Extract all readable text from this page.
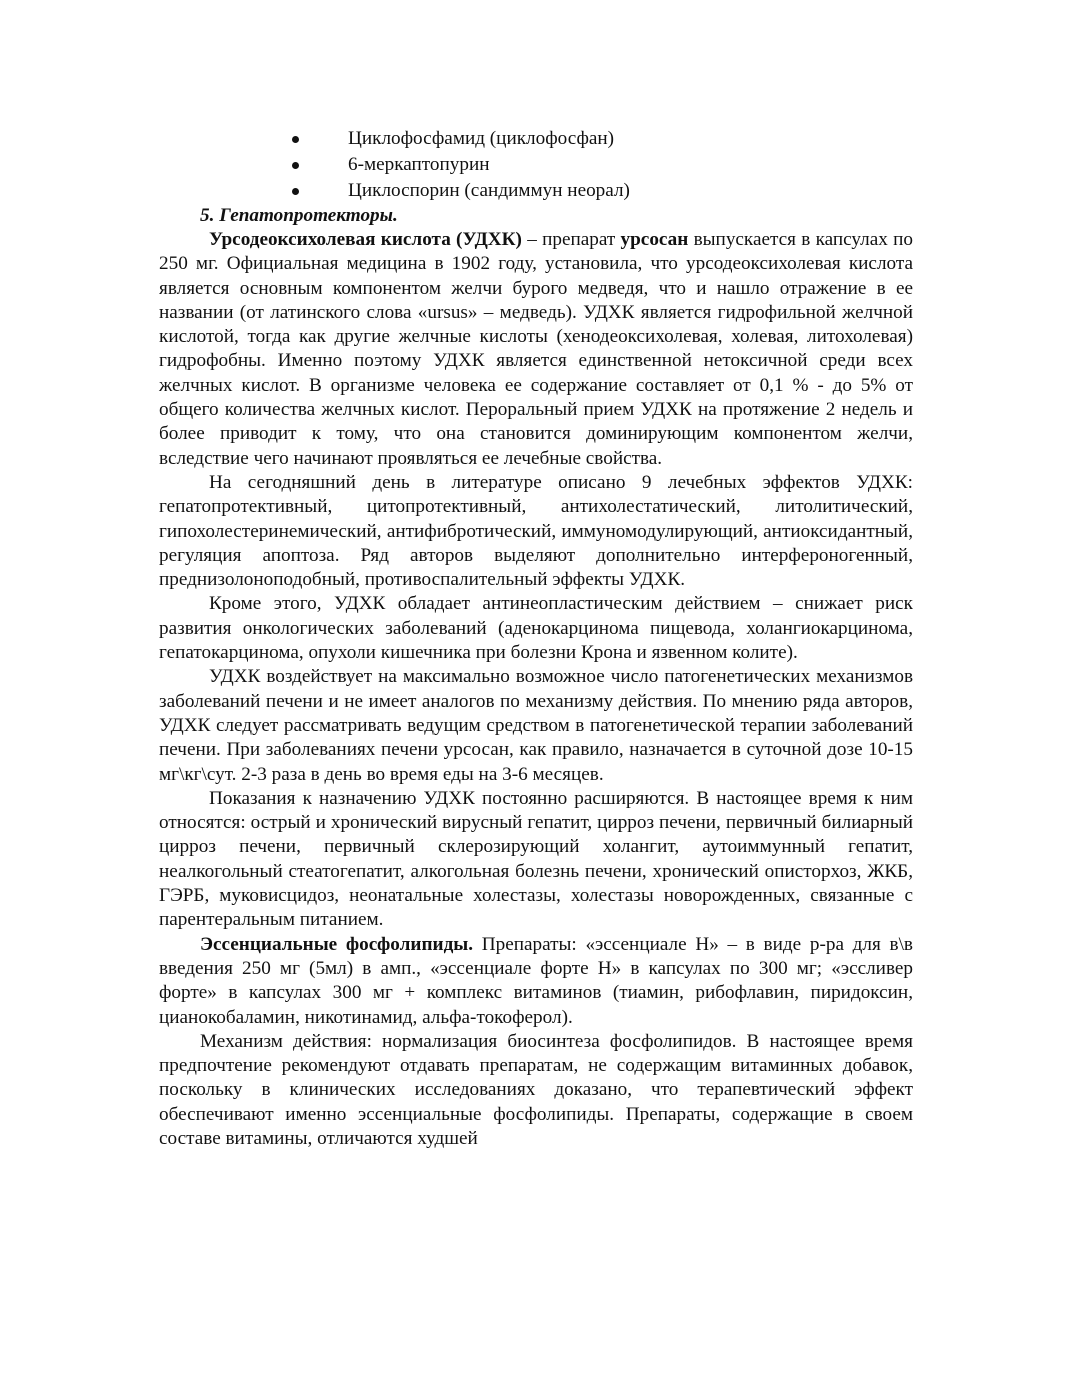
Циклофосфамид (циклофосфан)
6-меркаптопурин
Циклоспорин (сандиммун неорал)
5. Гепатопротекторы.

Урсодеоксихолевая кислота (УДХК) – препарат урсосан выпускается в капсулах по 250 мг. Официальная медицина в 1902 году, установила, что урсодеоксихолевая кислота является основным компонентом желчи бурого медведя, что и нашло отражение в ее названии (от латинского слова «ursus» – медведь). УДХК является гидрофильной желчной кислотой, тогда как другие желчные кислоты (хенодеоксихолевая, холевая, литохолевая) гидрофобны. Именно поэтому УДХК является единственной нетоксичной среди всех желчных кислот. В организме человека ее содержание составляет от 0,1 % - до 5% от общего количества желчных кислот. Пероральный прием УДХК на протяжение 2 недель и более приводит к тому, что она становится доминирующим компонентом желчи, вследствие чего начинают проявляться ее лечебные свойства.

На сегодняшний день в литературе описано 9 лечебных эффектов УДХК: гепатопротективный, цитопротективный, антихолестатический, литолитический, гипохолестеринемический, антифибротический, иммуномодулирующий, антиоксидантный, регуляция апоптоза. Ряд авторов выделяют дополнительно интерфероногенный, преднизолоноподобный, противоспалительный эффекты УДХК.

Кроме этого, УДХК обладает антинеопластическим действием – снижает риск развития онкологических заболеваний (аденокарцинома пищевода, холангиокарцинома, гепатокарцинома, опухоли кишечника при болезни Крона и язвенном колите).

УДХК воздействует на максимально возможное число патогенетических механизмов заболеваний печени и не имеет аналогов по механизму действия. По мнению ряда авторов, УДХК следует рассматривать ведущим средством в патогенетической терапии заболеваний печени. При заболеваниях печени урсосан, как правило, назначается в суточной дозе 10-15 мг\кг\сут. 2-3 раза в день во время еды на 3-6 месяцев.

Показания к назначению УДХК постоянно расширяются. В настоящее время к ним относятся: острый и хронический вирусный гепатит, цирроз печени, первичный билиарный цирроз печени, первичный склерозирующий холангит, аутоиммунный гепатит, неалкогольный стеатогепатит, алкогольная болезнь печени, хронический описторхоз, ЖКБ, ГЭРБ, муковисцидоз, неонатальные холестазы, холестазы новорожденных, связанные с парентеральным питанием.

Эссенциальные фосфолипиды. Препараты: «эссенциале Н» – в виде р-ра для в\в введения 250 мг (5мл) в амп., «эссенциале форте Н» в капсулах по 300 мг; «эссливер форте» в капсулах 300 мг + комплекс витаминов (тиамин, рибофлавин, пиридоксин, цианокобаламин, никотинамид, альфа-токоферол).

Механизм действия: нормализация биосинтеза фосфолипидов. В настоящее время предпочтение рекомендуют отдавать препаратам, не содержащим витаминных добавок, поскольку в клинических исследованиях доказано, что терапевтический эффект обеспечивают именно эссенциальные фосфолипиды. Препараты, содержащие в своем составе витамины, отличаются худшей
